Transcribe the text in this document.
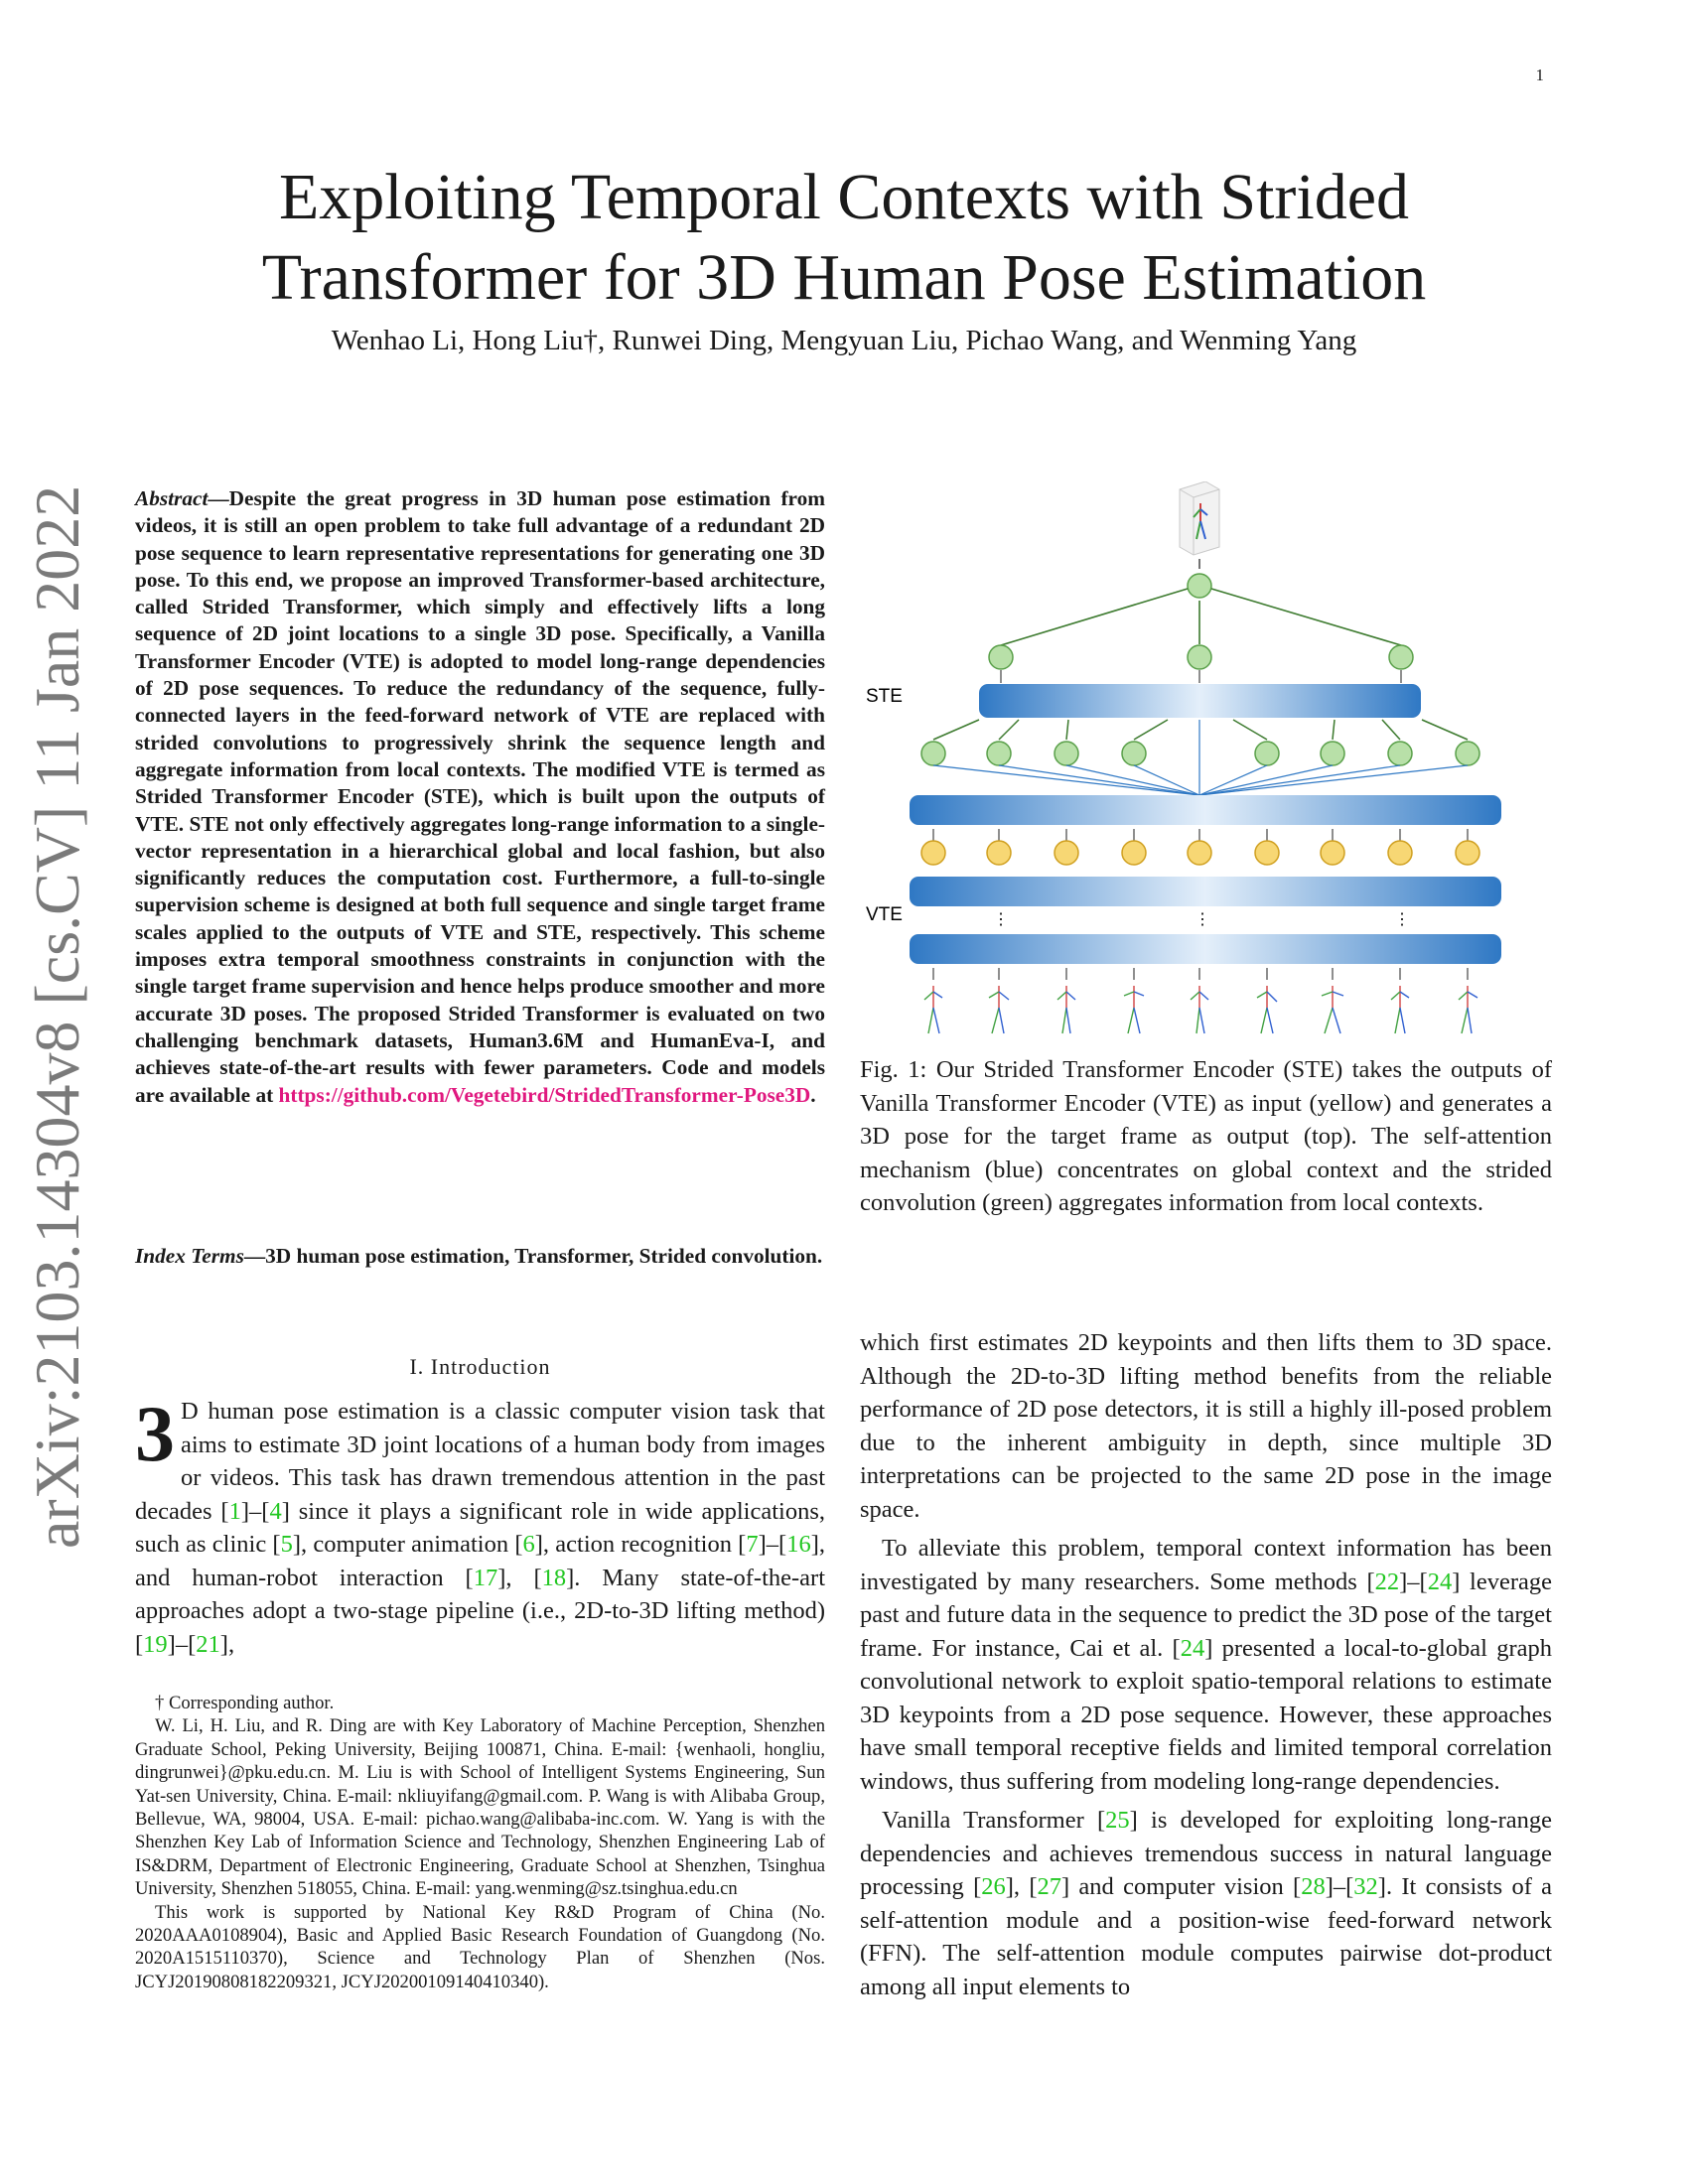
1
arXiv:2103.14304v8 [cs.CV] 11 Jan 2022
Exploiting Temporal Contexts with Strided
Transformer for 3D Human Pose Estimation
Wenhao Li, Hong Liu†, Runwei Ding, Mengyuan Liu, Pichao Wang, and Wenming Yang
Abstract—Despite the great progress in 3D human pose estimation from videos, it is still an open problem to take full advantage of a redundant 2D pose sequence to learn representative representations for generating one 3D pose. To this end, we propose an improved Transformer-based architecture, called Strided Transformer, which simply and effectively lifts a long sequence of 2D joint locations to a single 3D pose. Specifically, a Vanilla Transformer Encoder (VTE) is adopted to model long-range dependencies of 2D pose sequences. To reduce the redundancy of the sequence, fully-connected layers in the feed-forward network of VTE are replaced with strided convolutions to progressively shrink the sequence length and aggregate information from local contexts. The modified VTE is termed as Strided Transformer Encoder (STE), which is built upon the outputs of VTE. STE not only effectively aggregates long-range information to a single-vector representation in a hierarchical global and local fashion, but also significantly reduces the computation cost. Furthermore, a full-to-single supervision scheme is designed at both full sequence and single target frame scales applied to the outputs of VTE and STE, respectively. This scheme imposes extra temporal smoothness constraints in conjunction with the single target frame supervision and hence helps produce smoother and more accurate 3D poses. The proposed Strided Transformer is evaluated on two challenging benchmark datasets, Human3.6M and HumanEva-I, and achieves state-of-the-art results with fewer parameters. Code and models are available at https://github.com/Vegetebird/StridedTransformer-Pose3D.
Index Terms—3D human pose estimation, Transformer, Strided convolution.
I. Introduction
3 D human pose estimation is a classic computer vision task that aims to estimate 3D joint locations of a human body from images or videos. This task has drawn tremendous attention in the past decades [1]–[4] since it plays a significant role in wide applications, such as clinic [5], computer animation [6], action recognition [7]–[16], and human-robot interaction [17], [18]. Many state-of-the-art approaches adopt a two-stage pipeline (i.e., 2D-to-3D lifting method) [19]–[21],

† Corresponding author.

W. Li, H. Liu, and R. Ding are with Key Laboratory of Machine Perception, Shenzhen Graduate School, Peking University, Beijing 100871, China. E-mail: {wenhaoli, hongliu, dingrunwei}@pku.edu.cn. M. Liu is with School of Intelligent Systems Engineering, Sun Yat-sen University, China. E-mail: nkliuyifang@gmail.com. P. Wang is with Alibaba Group, Bellevue, WA, 98004, USA. E-mail: pichao.wang@alibaba-inc.com. W. Yang is with the Shenzhen Key Lab of Information Science and Technology, Shenzhen Engineering Lab of IS&DRM, Department of Electronic Engineering, Graduate School at Shenzhen, Tsinghua University, Shenzhen 518055, China. E-mail: yang.wenming@sz.tsinghua.edu.cn

This work is supported by National Key R&D Program of China (No. 2020AAA0108904), Basic and Applied Basic Research Foundation of Guangdong (No. 2020A1515110370), Science and Technology Plan of Shenzhen (Nos. JCYJ20190808182209321, JCYJ20200109140410340).

STE
VTE	⋮	⋮	⋮
Fig. 1: Our Strided Transformer Encoder (STE) takes the outputs of Vanilla Transformer Encoder (VTE) as input (yellow) and generates a 3D pose for the target frame as output (top). The self-attention mechanism (blue) concentrates on global context and the strided convolution (green) aggregates information from local contexts.

which first estimates 2D keypoints and then lifts them to 3D space. Although the 2D-to-3D lifting method benefits from the reliable performance of 2D pose detectors, it is still a highly ill-posed problem due to the inherent ambiguity in depth, since multiple 3D interpretations can be projected to the same 2D pose in the image space.

To alleviate this problem, temporal context information has been investigated by many researchers. Some methods [22]–[24] leverage past and future data in the sequence to predict the 3D pose of the target frame. For instance, Cai et al. [24] presented a local-to-global graph convolutional network to exploit spatio-temporal relations to estimate 3D keypoints from a 2D pose sequence. However, these approaches have small temporal receptive fields and limited temporal correlation windows, thus suffering from modeling long-range dependencies.

Vanilla Transformer [25] is developed for exploiting long-range dependencies and achieves tremendous success in natural language processing [26], [27] and computer vision [28]–[32]. It consists of a self-attention module and a position-wise feed-forward network (FFN). The self-attention module computes pairwise dot-product among all input elements to
